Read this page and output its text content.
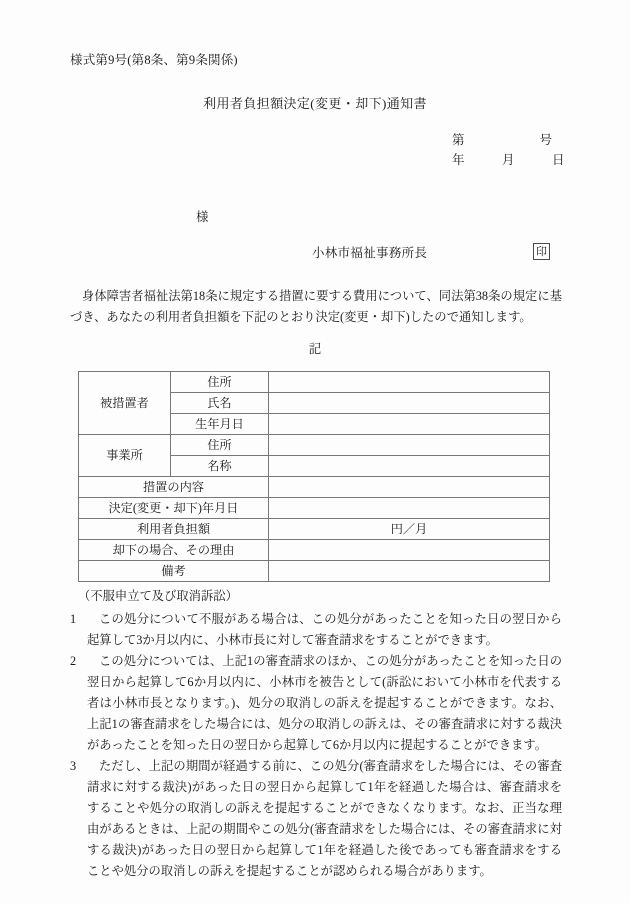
様式第9号(第8条、第9条関係)
利用者負担額決定(変更・却下)通知書
第　　　　　　号
年　　　月　　　日
様
小林市福祉事務所長	印
身体障害者福祉法第18条に規定する措置に要する費用について、同法第38条の規定に基づき、あなたの利用者負担額を下記のとおり決定(変更・却下)したので通知します。
記
被措置者	住所	
	氏名	
	生年月日	
事業所	住所	
	名称	
措置の内容		
決定(変更・却下)年月日		
利用者負担額		円／月
却下の場合、その理由		
備考		
（不服申立て及び取消訴訟）
1	この処分について不服がある場合は、この処分があったことを知った日の翌日から起算して3か月以内に、小林市長に対して審査請求をすることができます。
2	この処分については、上記1の審査請求のほか、この処分があったことを知った日の翌日から起算して6か月以内に、小林市を被告として(訴訟において小林市を代表する者は小林市長となります。)、処分の取消しの訴えを提起することができます。なお、上記1の審査請求をした場合には、処分の取消しの訴えは、その審査請求に対する裁決があったことを知った日の翌日から起算して6か月以内に提起することができます。
3	ただし、上記の期間が経過する前に、この処分(審査請求をした場合には、その審査請求に対する裁決)があった日の翌日から起算して1年を経過した場合は、審査請求をすることや処分の取消しの訴えを提起することができなくなります。なお、正当な理由があるときは、上記の期間やこの処分(審査請求をした場合には、その審査請求に対する裁決)があった日の翌日から起算して1年を経過した後であっても審査請求をすることや処分の取消しの訴えを提起することが認められる場合があります。
